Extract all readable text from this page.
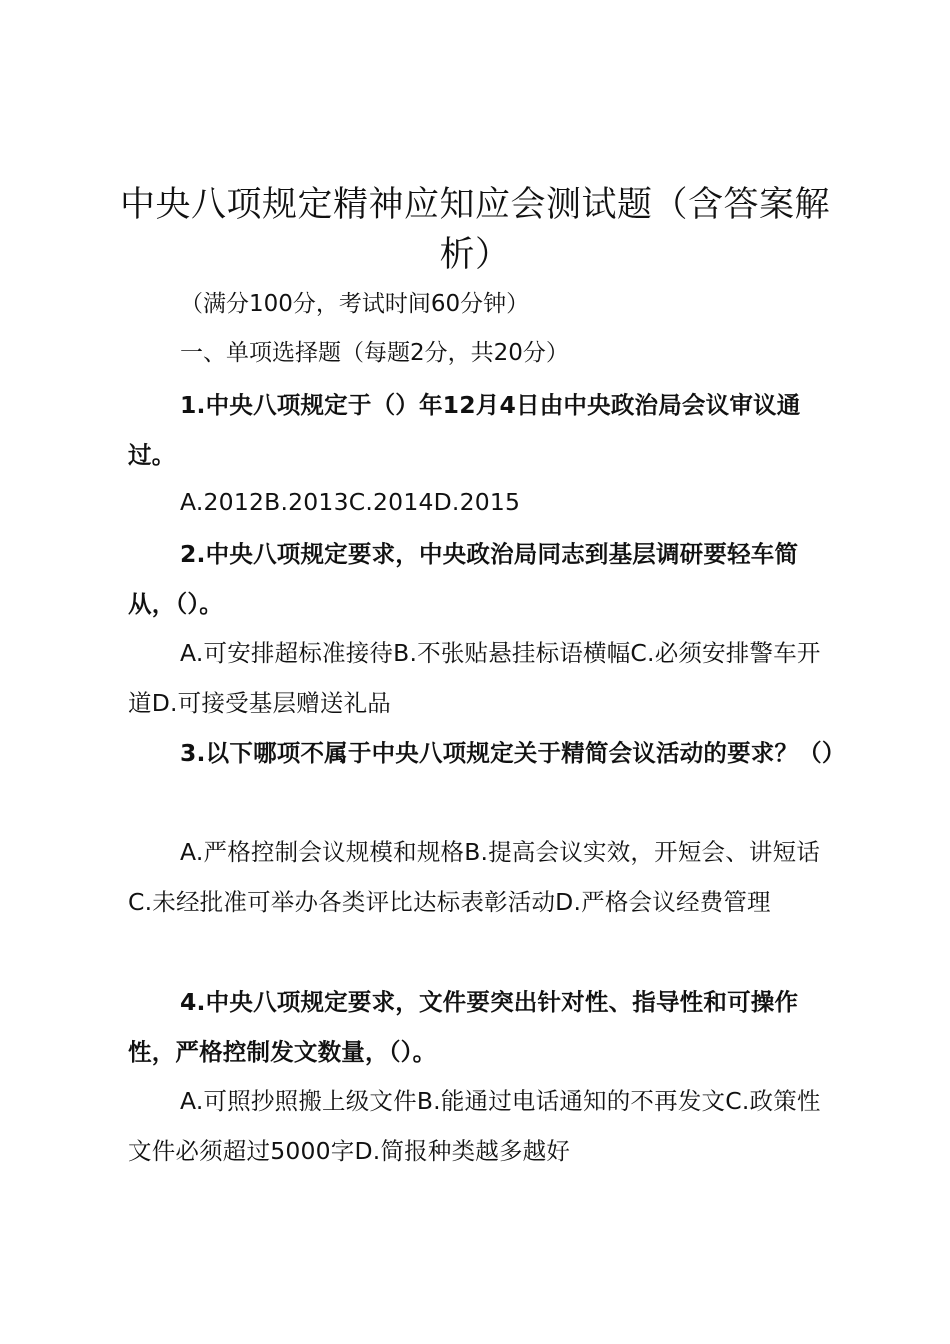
中央八项规定精神应知应会测试题（含答案解析）
（满分100分，考试时间60分钟）
一、单项选择题（每题2分，共20分）

1.中央八项规定于（）年12月4日由中央政治局会议审议通过。

A.2012B.2013C.2014D.2015

2.中央八项规定要求，中央政治局同志到基层调研要轻车简从，（）。

A.可安排超标准接待B.不张贴悬挂标语横幅C.必须安排警车开道D.可接受基层赠送礼品

3.以下哪项不属于中央八项规定关于精简会议活动的要求？（）

A.严格控制会议规模和规格B.提高会议实效，开短会、讲短话C.未经批准可举办各类评比达标表彰活动D.严格会议经费管理

4.中央八项规定要求，文件要突出针对性、指导性和可操作性，严格控制发文数量，（）。

A.可照抄照搬上级文件B.能通过电话通知的不再发文C.政策性文件必须超过5000字D.简报种类越多越好
